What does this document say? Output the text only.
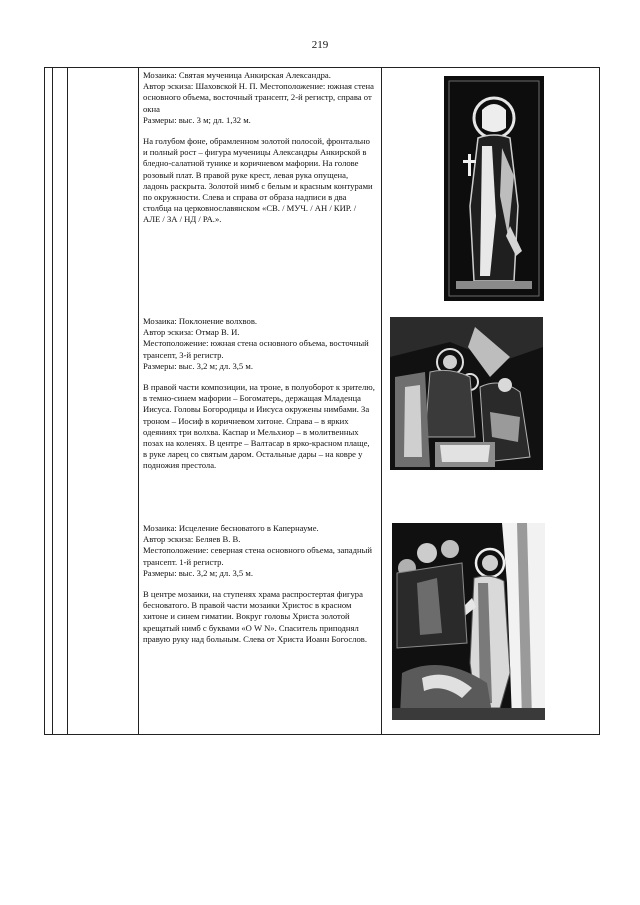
219

Мозаика: Святая мученица Анкирская Александра.

Автор эскиза: Шаховской Н. П. Местоположение: южная стена основного объема, восточный трансепт, 2-й регистр, справа от окна

Размеры: выс. 3 м; дл. 1,32 м.

На голубом фоне, обрамленном золотой полосой, фронтально и полный рост – фигура мученицы Александры Анкирской в бледно-салатной тунике и коричневом мафории. На голове розовый плат. В правой руке крест, левая рука опущена, ладонь раскрыта. Золотой нимб с белым и красным контурами по окружности. Слева и справа от образа надписи в два столбца на церковнославянском «СВ. / МУЧ. / АН / КИР. / АЛЕ / ЗА / НД / РА.».

Мозаика: Поклонение волхвов.

Автор эскиза: Отмар В. И.
Местоположение: южная стена основного объема, восточный трансепт, 3-й регистр.

Размеры: выс. 3,2 м; дл. 3,5 м.

В правой части композиции, на троне, в полуоборот к зрителю, в темно-синем мафории – Богоматерь, держащая Младенца Иисуса. Головы Богородицы и Иисуса окружены нимбами. За троном – Иосиф в коричневом хитоне. Справа – в ярких одеяниях три волхва. Каспар и Мельхиор – в молитвенных позах на коленях. В центре – Валтасар в ярко-красном плаще, в руке ларец со святым даром. Остальные дары – на ковре у подножия престола.

Мозаика: Исцеление бесноватого в Капернауме.

Автор эскиза: Беляев В. В.
Местоположение: северная стена основного объема, западный трансепт. 1-й регистр.

Размеры: выс. 3,2 м; дл. 3,5 м.

В центре мозаики, на ступенях храма распростертая фигура бесноватого. В правой части мозаики Христос в красном хитоне и синем гиматии. Вокруг головы Христа золотой крещатый нимб с буквами «О W N». Спаситель приподнял правую руку над больным. Слева от Христа Иоанн Богослов.
